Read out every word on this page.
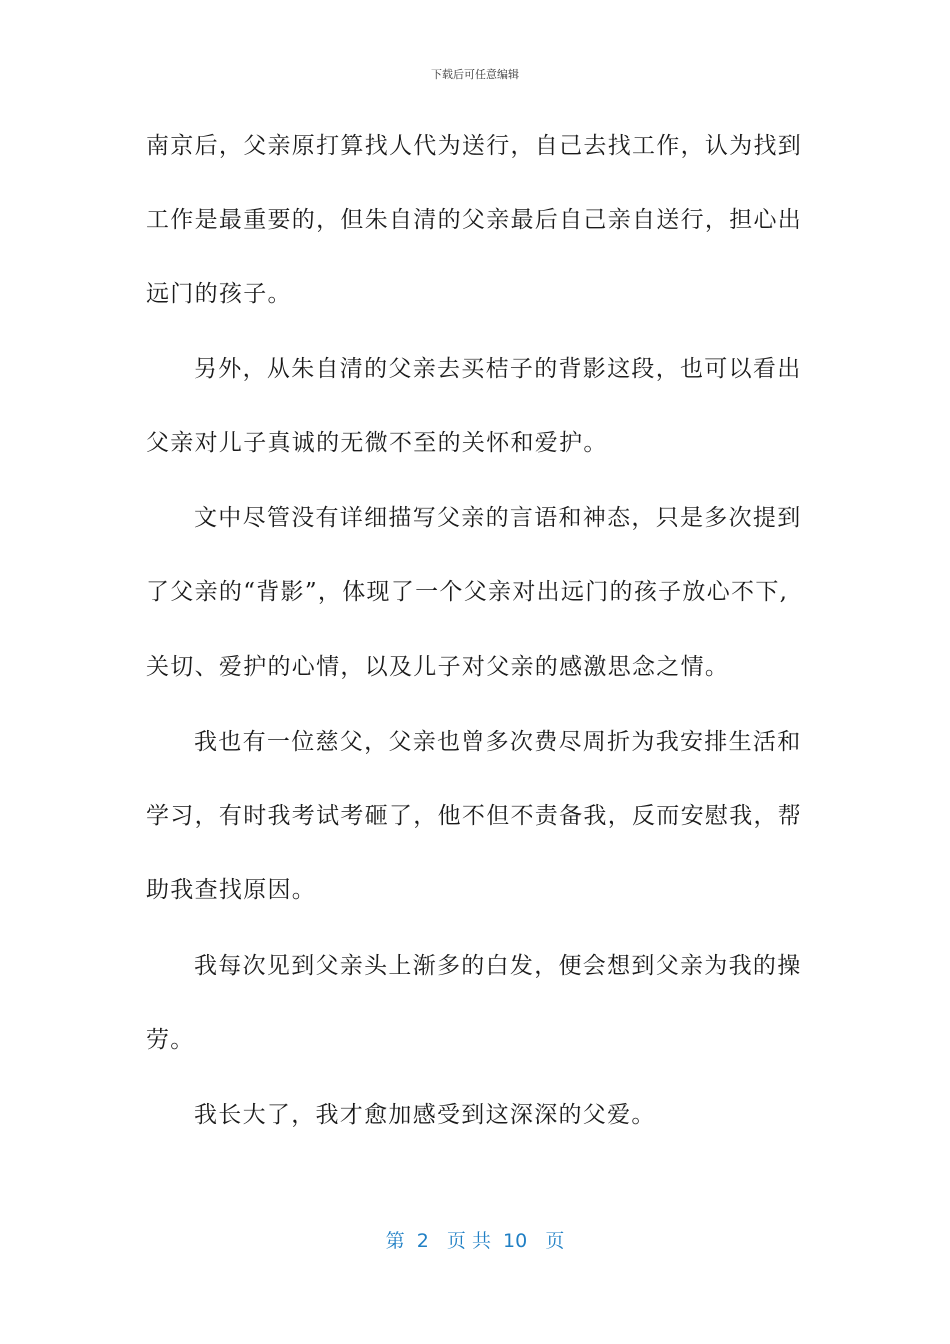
下载后可任意编辑
南京后，父亲原打算找人代为送行，自己去找工作，认为找到
工作是最重要的，但朱自清的父亲最后自己亲自送行，担心出
远门的孩子。
另外，从朱自清的父亲去买桔子的背影这段，也可以看出
父亲对儿子真诚的无微不至的关怀和爱护。
文中尽管没有详细描写父亲的言语和神态，只是多次提到
了父亲的“背影”，体现了一个父亲对出远门的孩子放心不下,
关切、爱护的心情，以及儿子对父亲的感激思念之情。
我也有一位慈父，父亲也曾多次费尽周折为我安排生活和
学习，有时我考试考砸了，他不但不责备我，反而安慰我，帮
助我查找原因。
我每次见到父亲头上渐多的白发，便会想到父亲为我的操
劳。
我长大了，我才愈加感受到这深深的父爱。
第  2   页 共  10   页
